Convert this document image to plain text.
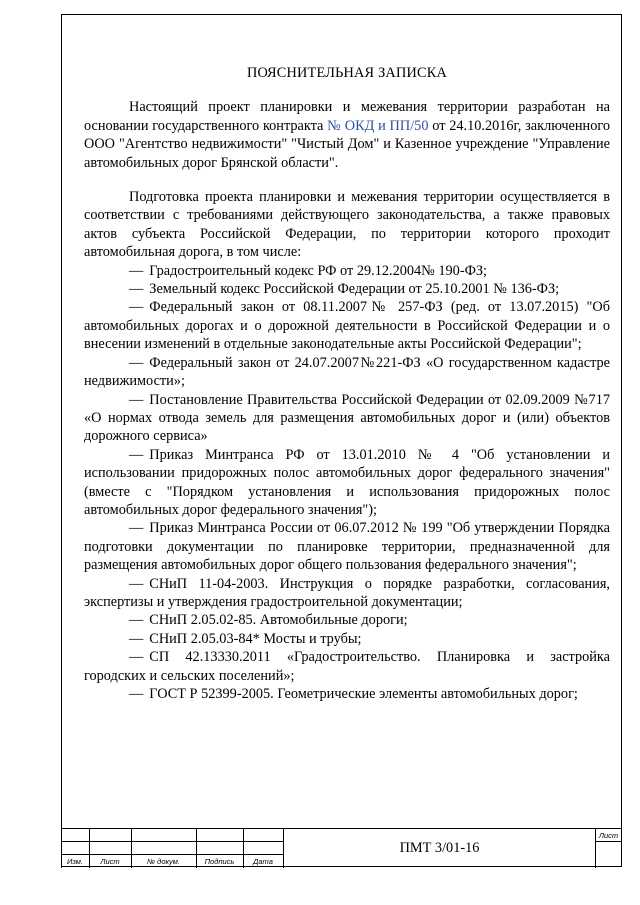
ПОЯСНИТЕЛЬНАЯ ЗАПИСКА

Настоящий проект планировки и межевания территории разработан на основании государственного контракта № ОКД и ПП/50 от 24.10.2016г, заключенного ООО "Агентство недвижимости" "Чистый Дом" и Казенное учреждение "Управление автомобильных дорог Брянской области".

Подготовка проекта планировки и межевания территории осуществляется в соответствии с требованиями действующего законодательства, а также правовых актов субъекта Российской Федерации, по территории которого проходит автомобильная дорога, в том числе:

— Градостроительный кодекс РФ от 29.12.2004№ 190-ФЗ;

— Земельный кодекс Российской Федерации от 25.10.2001 № 136-ФЗ;

— Федеральный закон от 08.11.2007№ 257-ФЗ (ред. от 13.07.2015) "Об автомобильных дорогах и о дорожной деятельности в Российской Федерации и о внесении изменений в отдельные законодательные акты Российской Федерации";

— Федеральный закон от 24.07.2007№221-ФЗ «О государственном кадастре недвижимости»;

— Постановление Правительства Российской Федерации от 02.09.2009 №717 «О нормах отвода земель для размещения автомобильных дорог и (или) объектов дорожного сервиса»

— Приказ Минтранса РФ от 13.01.2010 № 4 "Об установлении и использовании придорожных полос автомобильных дорог федерального значения" (вместе с "Порядком установления и использования придорожных полос автомобильных дорог федерального значения");

— Приказ Минтранса России от 06.07.2012 № 199 "Об утверждении Порядка подготовки документации по планировке территории, предназначенной для размещения автомобильных дорог общего пользования федерального значения";

— СНиП 11-04-2003. Инструкция о порядке разработки, согласования, экспертизы и утверждения градостроительной документации;

— СНиП 2.05.02-85. Автомобильные дороги;

— СНиП 2.05.03-84* Мосты и трубы;

— СП 42.13330.2011 «Градостроительство. Планировка и застройка городских и сельских поселений»;

— ГОСТ Р 52399-2005. Геометрические элементы автомобильных дорог;

Изм.	Лист	№ докум.	Подпись	Дата
ПМТ 3/01-16
Лист
